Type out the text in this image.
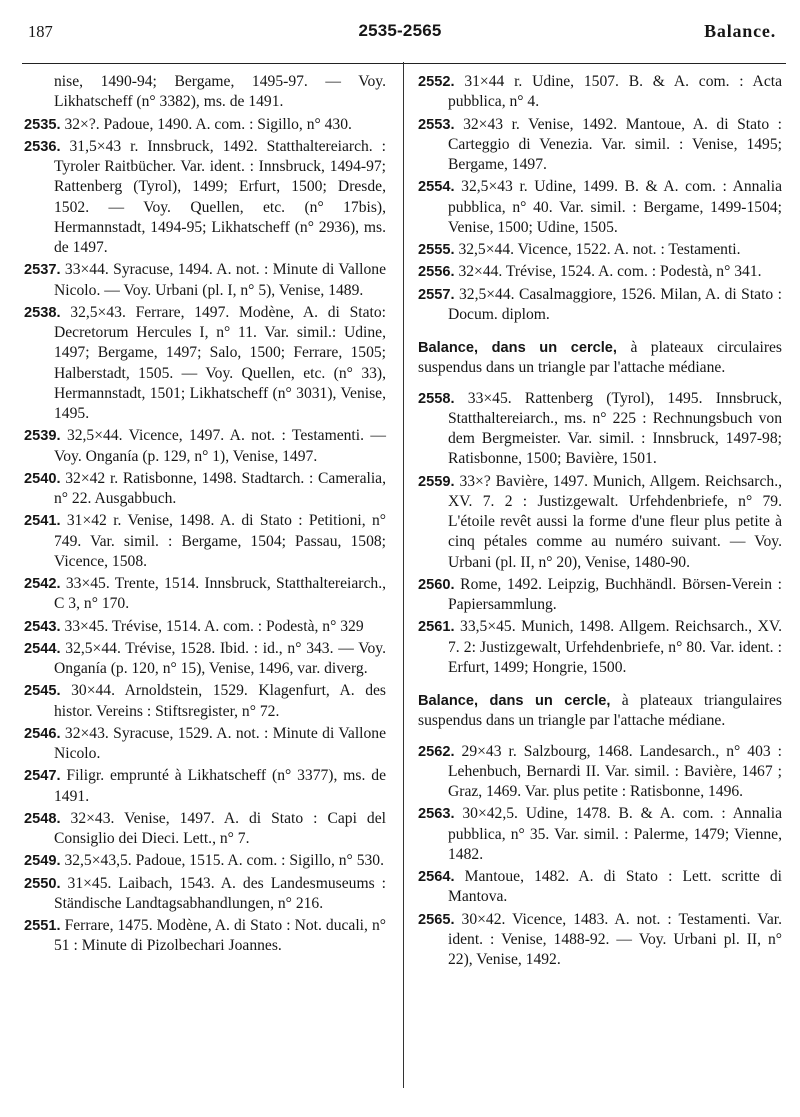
187	2535-2565	Balance.

nise, 1490-94; Bergame, 1495-97. — Voy. Likhatscheff (n° 3382), ms. de 1491.

2535. 32×?. Padoue, 1490. A. com. : Sigillo, n° 430.

2536. 31,5×43 r. Innsbruck, 1492. Statthaltereiarch. : Tyroler Raitbücher. Var. ident. : Innsbruck, 1494-97; Rattenberg (Tyrol), 1499; Erfurt, 1500; Dresde, 1502. — Voy. Quellen, etc. (n° 17bis), Hermannstadt, 1494-95; Likhatscheff (n° 2936), ms. de 1497.

2537. 33×44. Syracuse, 1494. A. not. : Minute di Vallone Nicolo. — Voy. Urbani (pl. I, n° 5), Venise, 1489.

2538. 32,5×43. Ferrare, 1497. Modène, A. di Stato: Decretorum Hercules I, n° 11. Var. simil.: Udine, 1497; Bergame, 1497; Salo, 1500; Ferrare, 1505; Halberstadt, 1505. — Voy. Quellen, etc. (n° 33), Hermannstadt, 1501; Likhatscheff (n° 3031), Venise, 1495.

2539. 32,5×44. Vicence, 1497. A. not. : Testamenti. — Voy. Onganía (p. 129, n° 1), Venise, 1497.

2540. 32×42 r. Ratisbonne, 1498. Stadtarch. : Cameralia, n° 22. Ausgabbuch.

2541. 31×42 r. Venise, 1498. A. di Stato : Petitioni, n° 749. Var. simil. : Bergame, 1504; Passau, 1508; Vicence, 1508.

2542. 33×45. Trente, 1514. Innsbruck, Statthaltereiarch., C 3, n° 170.

2543. 33×45. Trévise, 1514. A. com. : Podestà, n° 329

2544. 32,5×44. Trévise, 1528. Ibid. : id., n° 343. — Voy. Onganía (p. 120, n° 15), Venise, 1496, var. diverg.

2545. 30×44. Arnoldstein, 1529. Klagenfurt, A. des histor. Vereins : Stiftsregister, n° 72.

2546. 32×43. Syracuse, 1529. A. not. : Minute di Vallone Nicolo.

2547. Filigr. emprunté à Likhatscheff (n° 3377), ms. de 1491.

2548. 32×43. Venise, 1497. A. di Stato : Capi del Consiglio dei Dieci. Lett., n° 7.

2549. 32,5×43,5. Padoue, 1515. A. com. : Sigillo, n° 530.

2550. 31×45. Laibach, 1543. A. des Landesmuseums : Ständische Landtagsabhandlungen, n° 216.

2551. Ferrare, 1475. Modène, A. di Stato : Not. ducali, n° 51 : Minute di Pizolbechari Joannes.

2552. 31×44 r. Udine, 1507. B. & A. com. : Acta pubblica, n° 4.

2553. 32×43 r. Venise, 1492. Mantoue, A. di Stato : Carteggio di Venezia. Var. simil. : Venise, 1495; Bergame, 1497.

2554. 32,5×43 r. Udine, 1499. B. & A. com. : Annalia pubblica, n° 40. Var. simil. : Bergame, 1499-1504; Venise, 1500; Udine, 1505.

2555. 32,5×44. Vicence, 1522. A. not. : Testamenti.

2556. 32×44. Trévise, 1524. A. com. : Podestà, n° 341.

2557. 32,5×44. Casalmaggiore, 1526. Milan, A. di Stato : Docum. diplom.

Balance, dans un cercle, à plateaux circulaires suspendus dans un triangle par l'attache médiane.

2558. 33×45. Rattenberg (Tyrol), 1495. Innsbruck, Statthaltereiarch., ms. n° 225 : Rechnungsbuch von dem Bergmeister. Var. simil. : Innsbruck, 1497-98; Ratisbonne, 1500; Bavière, 1501.

2559. 33×? Bavière, 1497. Munich, Allgem. Reichsarch., XV. 7. 2 : Justizgewalt. Urfehdenbriefe, n° 79. L'étoile revêt aussi la forme d'une fleur plus petite à cinq pétales comme au numéro suivant. — Voy. Urbani (pl. II, n° 20), Venise, 1480-90.

2560. Rome, 1492. Leipzig, Buchhändl. Börsen-Verein : Papiersammlung.

2561. 33,5×45. Munich, 1498. Allgem. Reichsarch., XV. 7. 2: Justizgewalt, Urfehdenbriefe, n° 80. Var. ident. : Erfurt, 1499; Hongrie, 1500.

Balance, dans un cercle, à plateaux triangulaires suspendus dans un triangle par l'attache médiane.

2562. 29×43 r. Salzbourg, 1468. Landesarch., n° 403 : Lehenbuch, Bernardi II. Var. simil. : Bavière, 1467 ; Graz, 1469. Var. plus petite : Ratisbonne, 1496.

2563. 30×42,5. Udine, 1478. B. & A. com. : Annalia pubblica, n° 35. Var. simil. : Palerme, 1479; Vienne, 1482.

2564. Mantoue, 1482. A. di Stato : Lett. scritte di Mantova.

2565. 30×42. Vicence, 1483. A. not. : Testamenti. Var. ident. : Venise, 1488-92. — Voy. Urbani pl. II, n° 22), Venise, 1492.
